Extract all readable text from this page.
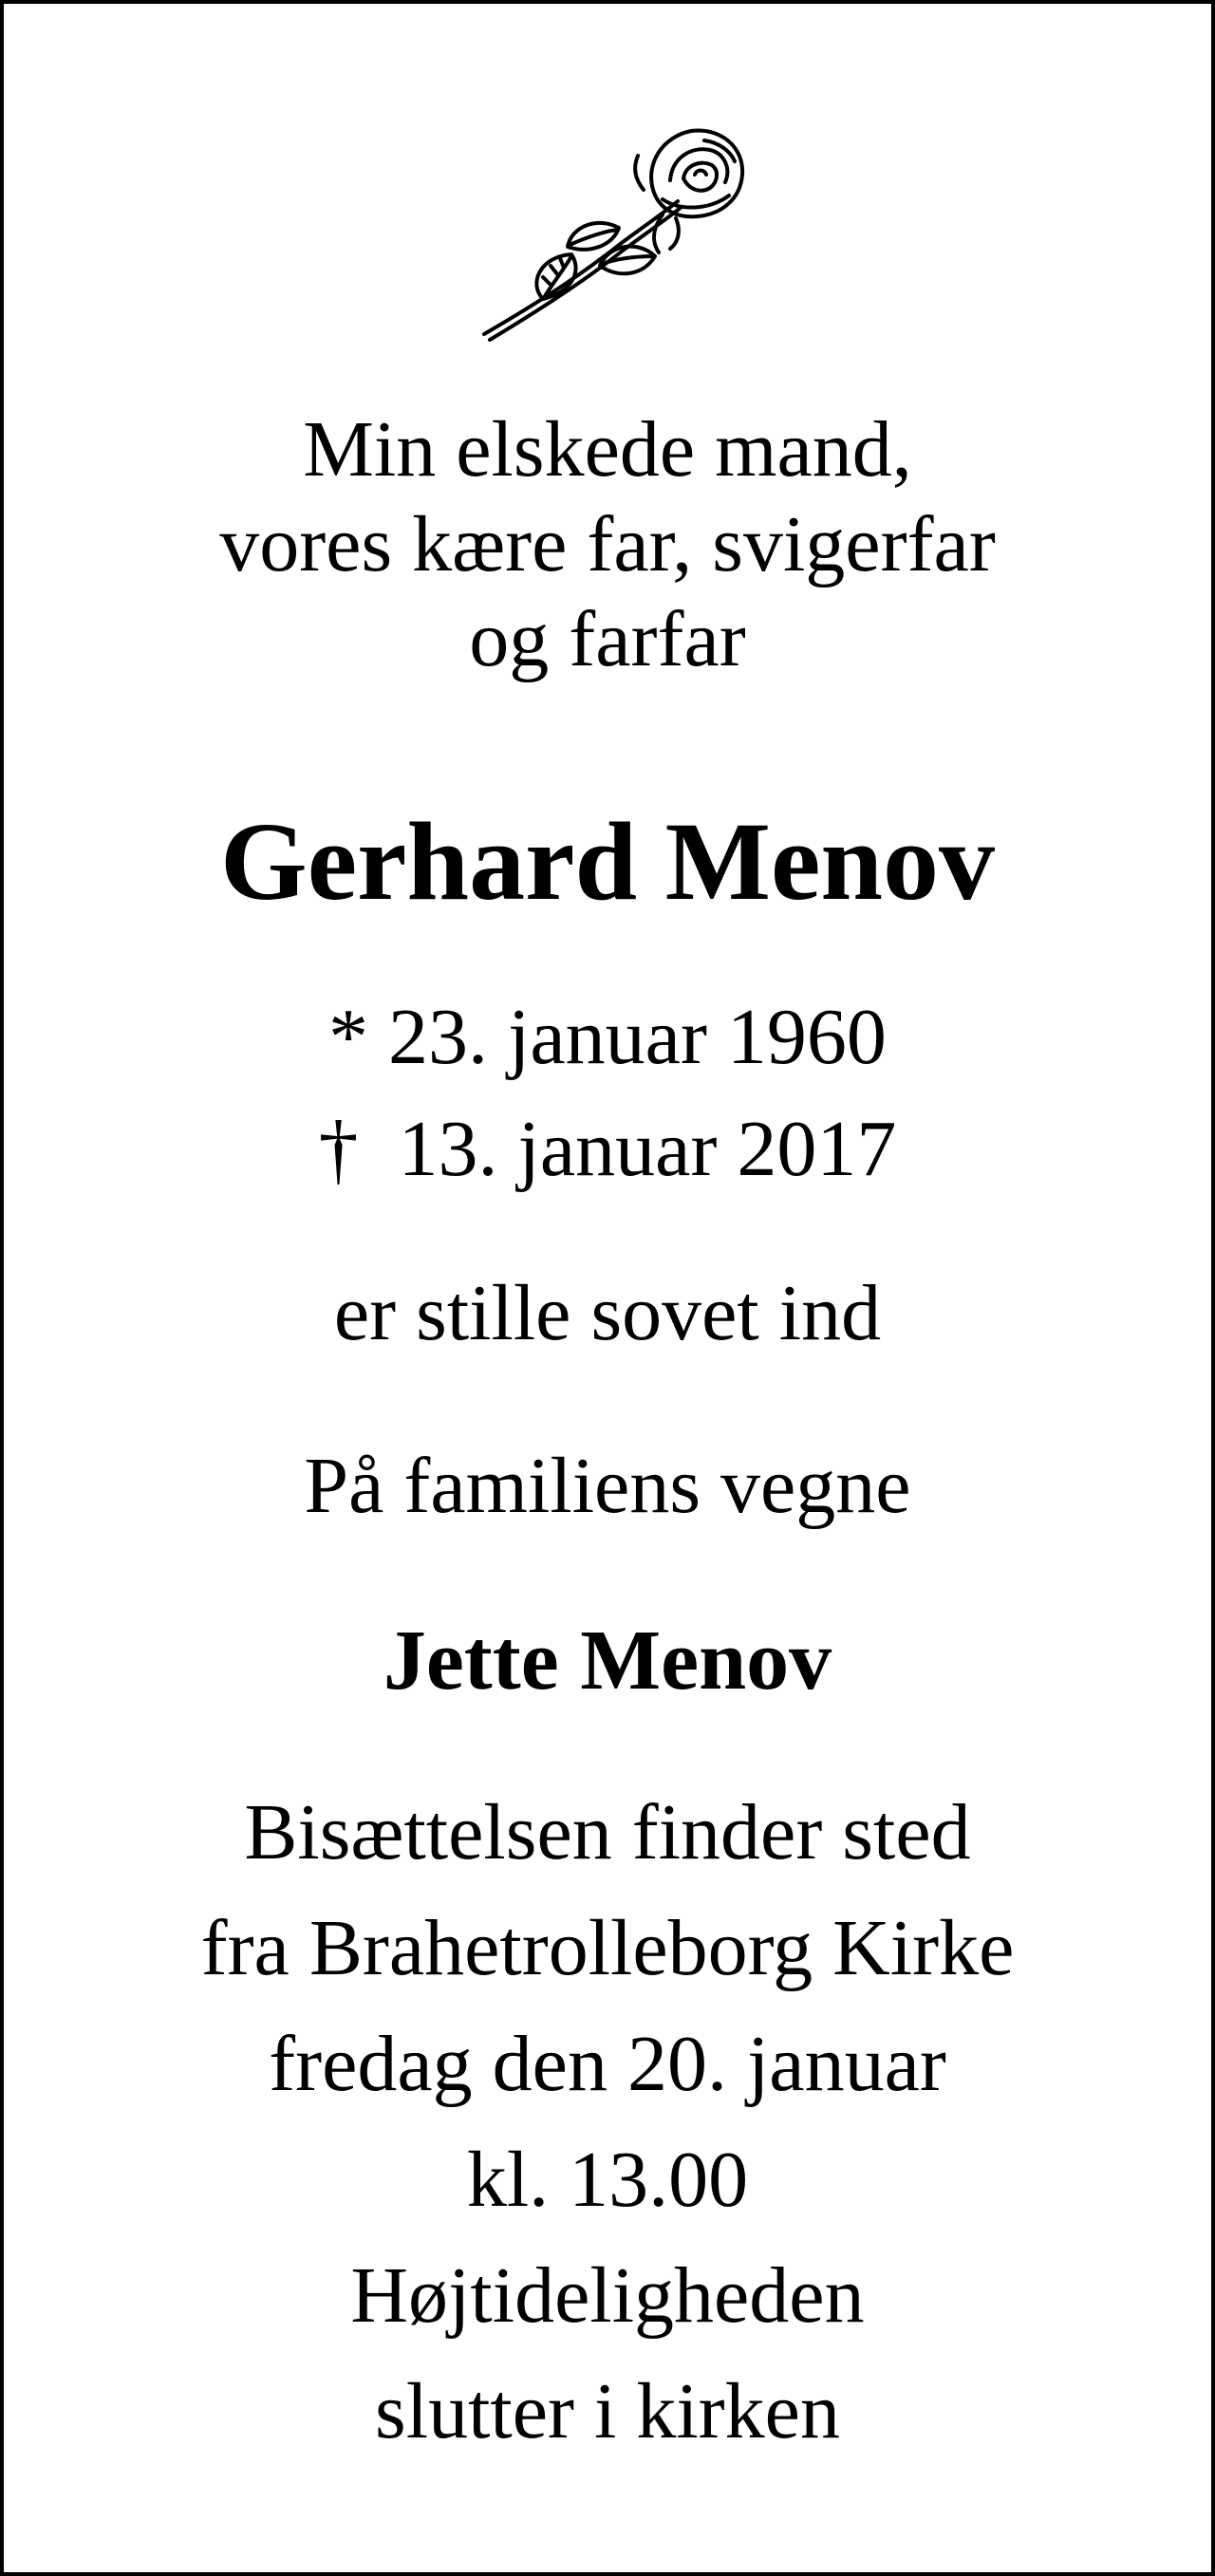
Min elskede mand,
vores kære far, svigerfar
og farfar
Gerhard Menov
* 23. januar 1960
†  13. januar 2017
er stille sovet ind
På familiens vegne
Jette Menov
Bisættelsen finder sted
fra Brahetrolleborg Kirke
fredag den 20. januar
kl. 13.00
Højtideligheden
slutter i kirken
